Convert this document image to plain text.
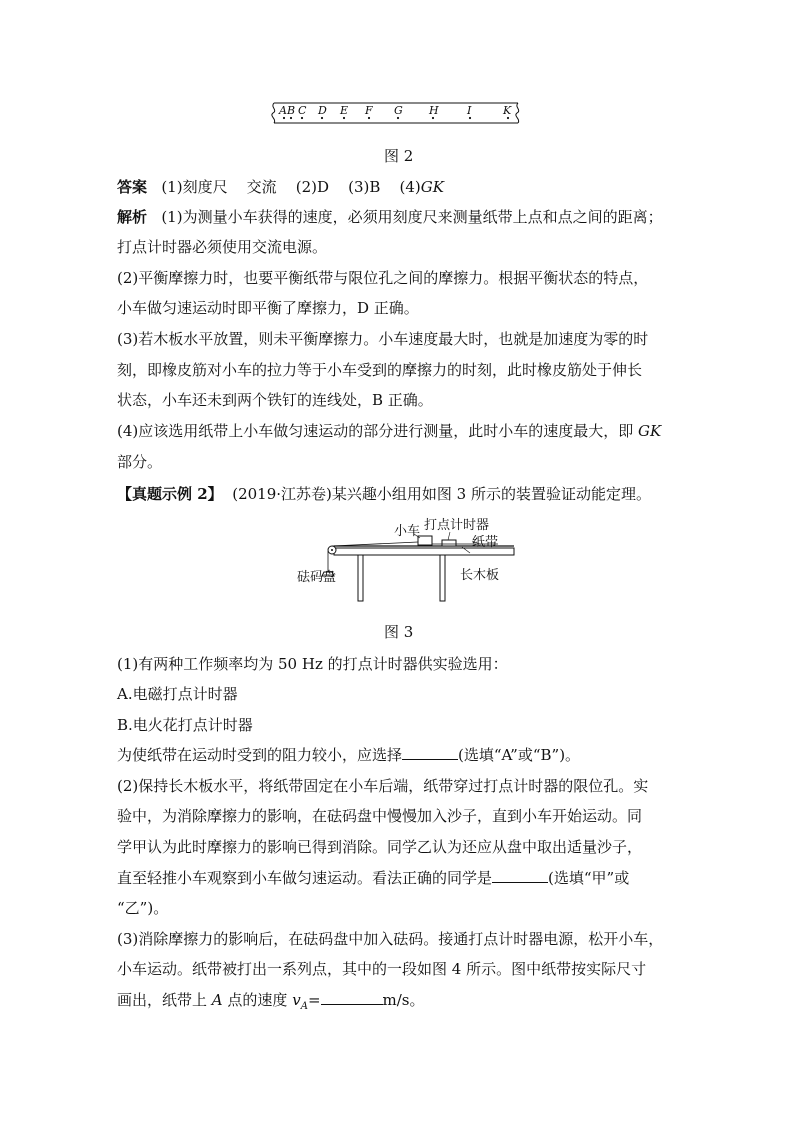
A B C D E F G H	I	K
图 2
答案 (1)刻度尺 交流 (2)D (3)B (4)GK
解析 (1)为测量小车获得的速度，必须用刻度尺来测量纸带上点和点之间的距离；
打点计时器必须使用交流电源。
(2)平衡摩擦力时，也要平衡纸带与限位孔之间的摩擦力。根据平衡状态的特点，
小车做匀速运动时即平衡了摩擦力，D 正确。
(3)若木板水平放置，则未平衡摩擦力。小车速度最大时，也就是加速度为零的时
刻，即橡皮筋对小车的拉力等于小车受到的摩擦力的时刻，此时橡皮筋处于伸长
状态，小车还未到两个铁钉的连线处，B 正确。
(4)应该选用纸带上小车做匀速运动的部分进行测量，此时小车的速度最大，即 GK
部分。
【真题示例 2】 (2019·江苏卷)某兴趣小组用如图 3 所示的装置验证动能定理。
小车 打点计时器
纸带
砝码盘	长木板
图 3
(1)有两种工作频率均为 50 Hz 的打点计时器供实验选用：
A.电磁打点计时器
B.电火花打点计时器
为使纸带在运动时受到的阻力较小，应选择	(选填“A”或“B”)。
(2)保持长木板水平，将纸带固定在小车后端，纸带穿过打点计时器的限位孔。实
验中，为消除摩擦力的影响，在砝码盘中慢慢加入沙子，直到小车开始运动。同
学甲认为此时摩擦力的影响已得到消除。同学乙认为还应从盘中取出适量沙子，
直至轻推小车观察到小车做匀速运动。看法正确的同学是	(选填“甲”或
“乙”)。
(3)消除摩擦力的影响后，在砝码盘中加入砝码。接通打点计时器电源，松开小车，
小车运动。纸带被打出一系列点，其中的一段如图 4 所示。图中纸带按实际尺寸
画出，纸带上 A 点的速度 $v_A=$	m/s。
